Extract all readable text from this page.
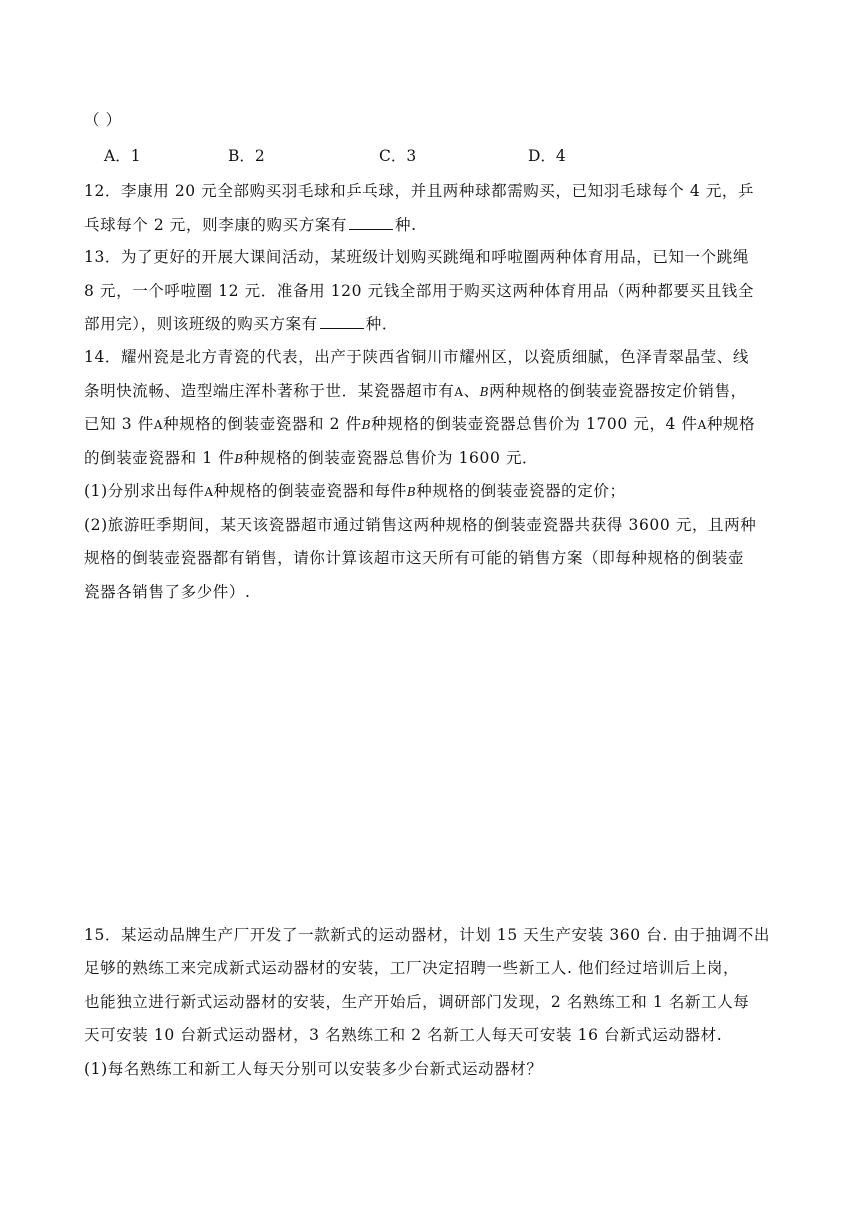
（ ）
A．1	B．2	C．3	D．4
12．李康用 20 元全部购买羽毛球和乒乓球，并且两种球都需购买，已知羽毛球每个 4 元，乒
乓球每个 2 元，则李康的购买方案有	种.
13．为了更好的开展大课间活动，某班级计划购买跳绳和呼啦圈两种体育用品，已知一个跳绳
8 元，一个呼啦圈 12 元．准备用 120 元钱全部用于购买这两种体育用品（两种都要买且钱全
部用完），则该班级的购买方案有	种．
14．耀州瓷是北方青瓷的代表，出产于陕西省铜川市耀州区，以瓷质细腻，色泽青翠晶莹、线
条明快流畅、造型端庄浑朴著称于世．某瓷器超市有A、B两种规格的倒装壶瓷器按定价销售，
已知 3 件A种规格的倒装壶瓷器和 2 件B种规格的倒装壶瓷器总售价为 1700 元，4 件A种规格
的倒装壶瓷器和 1 件B种规格的倒装壶瓷器总售价为 1600 元．
(1)分别求出每件A种规格的倒装壶瓷器和每件B种规格的倒装壶瓷器的定价；
(2)旅游旺季期间，某天该瓷器超市通过销售这两种规格的倒装壶瓷器共获得 3600 元，且两种
规格的倒装壶瓷器都有销售，请你计算该超市这天所有可能的销售方案（即每种规格的倒装壶
瓷器各销售了多少件）.
15．某运动品牌生产厂开发了一款新式的运动器材，计划 15 天生产安装 360 台. 由于抽调不出
足够的熟练工来完成新式运动器材的安装，工厂决定招聘一些新工人. 他们经过培训后上岗，
也能独立进行新式运动器材的安装，生产开始后，调研部门发现，2 名熟练工和 1 名新工人每
天可安装 10 台新式运动器材，3 名熟练工和 2 名新工人每天可安装 16 台新式运动器材.
(1)每名熟练工和新工人每天分别可以安装多少台新式运动器材？
